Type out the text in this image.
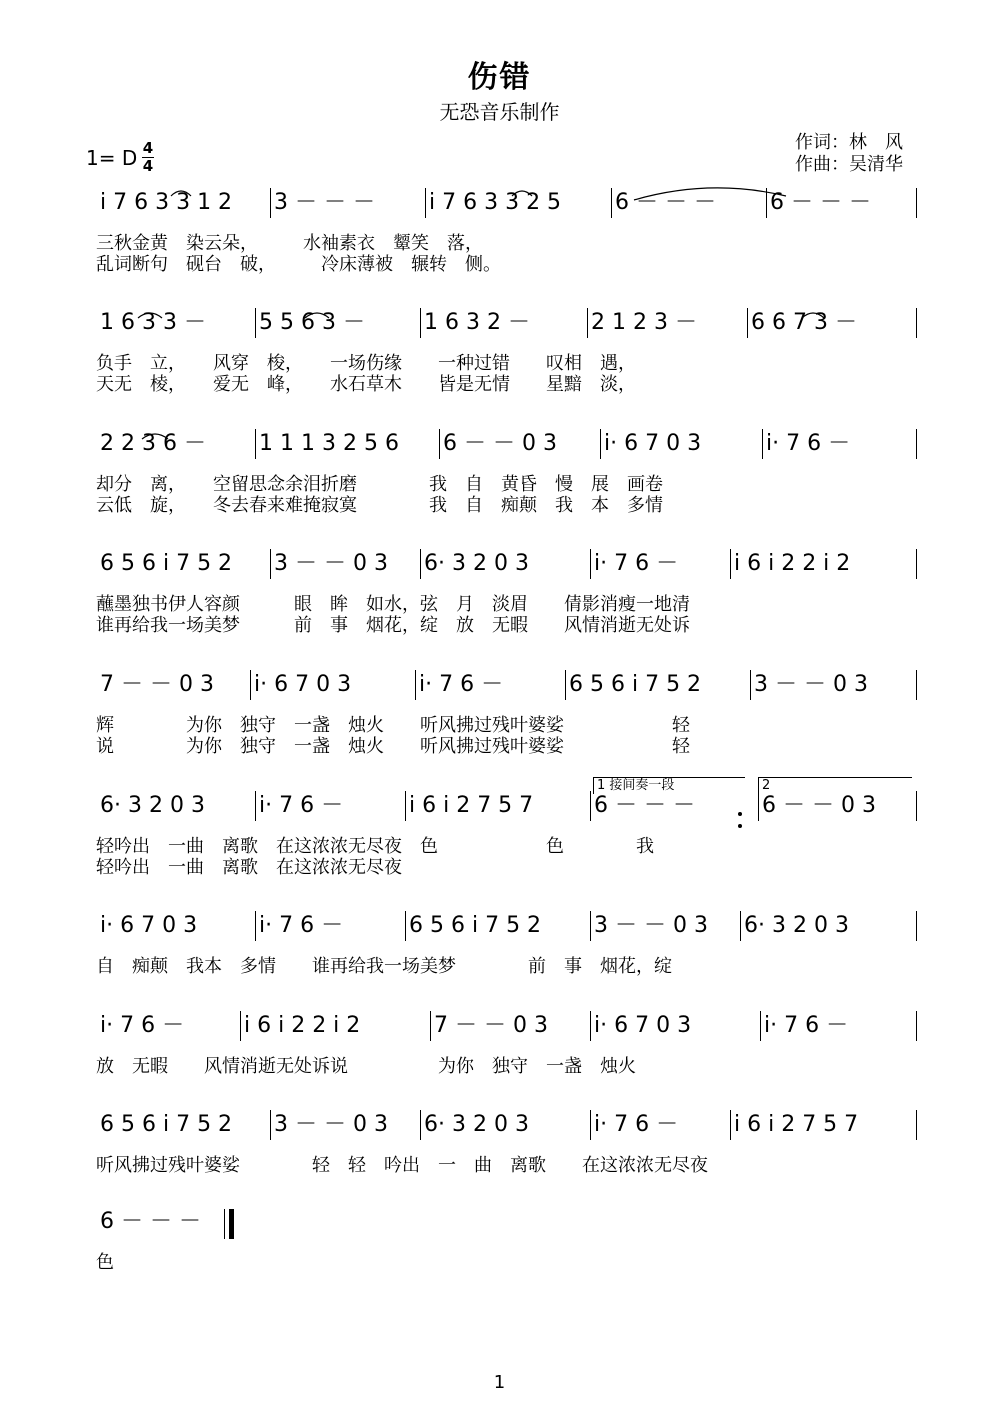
伤错
无恐音乐制作
1= D 4
4
作词：林　风
作曲：吴清华
i 7 6 3 3 1 2	3 － － －	i 7 6 3 3 2 5	6 － － －	6 － － －
三秋金黄　染云朵，　　　水袖素衣　颦笑　落，
乱词断句　砚台　破，　　　冷床薄被　辗转　侧。
1 6 3 3 －	5 5 6 3 －	1 6 3 2 －	2 1 2 3 －	6 6 7 3 －
负手　立，　　风穿　梭，　　一场伤缘　　一种过错　　叹相　遇，
天无　棱，　　爱无　峰，　　水石草木　　皆是无情　　星黯　淡，
2 2 3 6 －	1 1 1 3 2 5 6	6 － － 0 3	i· 6 7 0 3	i· 7 6 －
却分　离，　　空留思念余泪折磨　　　　我　自　黄昏　慢　展　画卷
云低　旋，　　冬去春来难掩寂寞　　　　我　自　痴颠　我　本　多情
6 5 6 i 7 5 2	3 － － 0 3	6· 3 2 0 3	i· 7 6 －	i 6 i 2 2 i 2
蘸墨独书伊人容颜　　　眼　眸　如水，弦　月　淡眉　　倩影消瘦一地清
谁再给我一场美梦　　　前　事　烟花，绽　放　无暇　　风情消逝无处诉
7 － － 0 3	i· 6 7 0 3	i· 7 6 －	6 5 6 i 7 5 2	3 － － 0 3
辉　　　　为你　独守　一盏　烛火　　听风拂过残叶婆娑　　　　　　轻
说　　　　为你　独守　一盏　烛火　　听风拂过残叶婆娑　　　　　　轻
6· 3 2 0 3	i· 7 6 －	i 6 i 2 7 5 7	6 － － －	6 － － 0 3
轻吟出　一曲　离歌　在这浓浓无尽夜　色　　　　　　色　　　　我
轻吟出　一曲　离歌　在这浓浓无尽夜
1 接间奏一段	2
i· 6 7 0 3	i· 7 6 －	6 5 6 i 7 5 2	3 － － 0 3	6· 3 2 0 3
自　痴颠　我本　多情　　谁再给我一场美梦　　　　前　事　烟花，绽
i· 7 6 －	i 6 i 2 2 i 2	7 － － 0 3	i· 6 7 0 3	i· 7 6 －
放　无暇　　风情消逝无处诉说　　　　　为你　独守　一盏　烛火
6 5 6 i 7 5 2	3 － － 0 3	6· 3 2 0 3	i· 7 6 －	i 6 i 2 7 5 7
听风拂过残叶婆娑　　　　轻　轻　吟出　一　曲　离歌　　在这浓浓无尽夜
6 － － －
色
1
